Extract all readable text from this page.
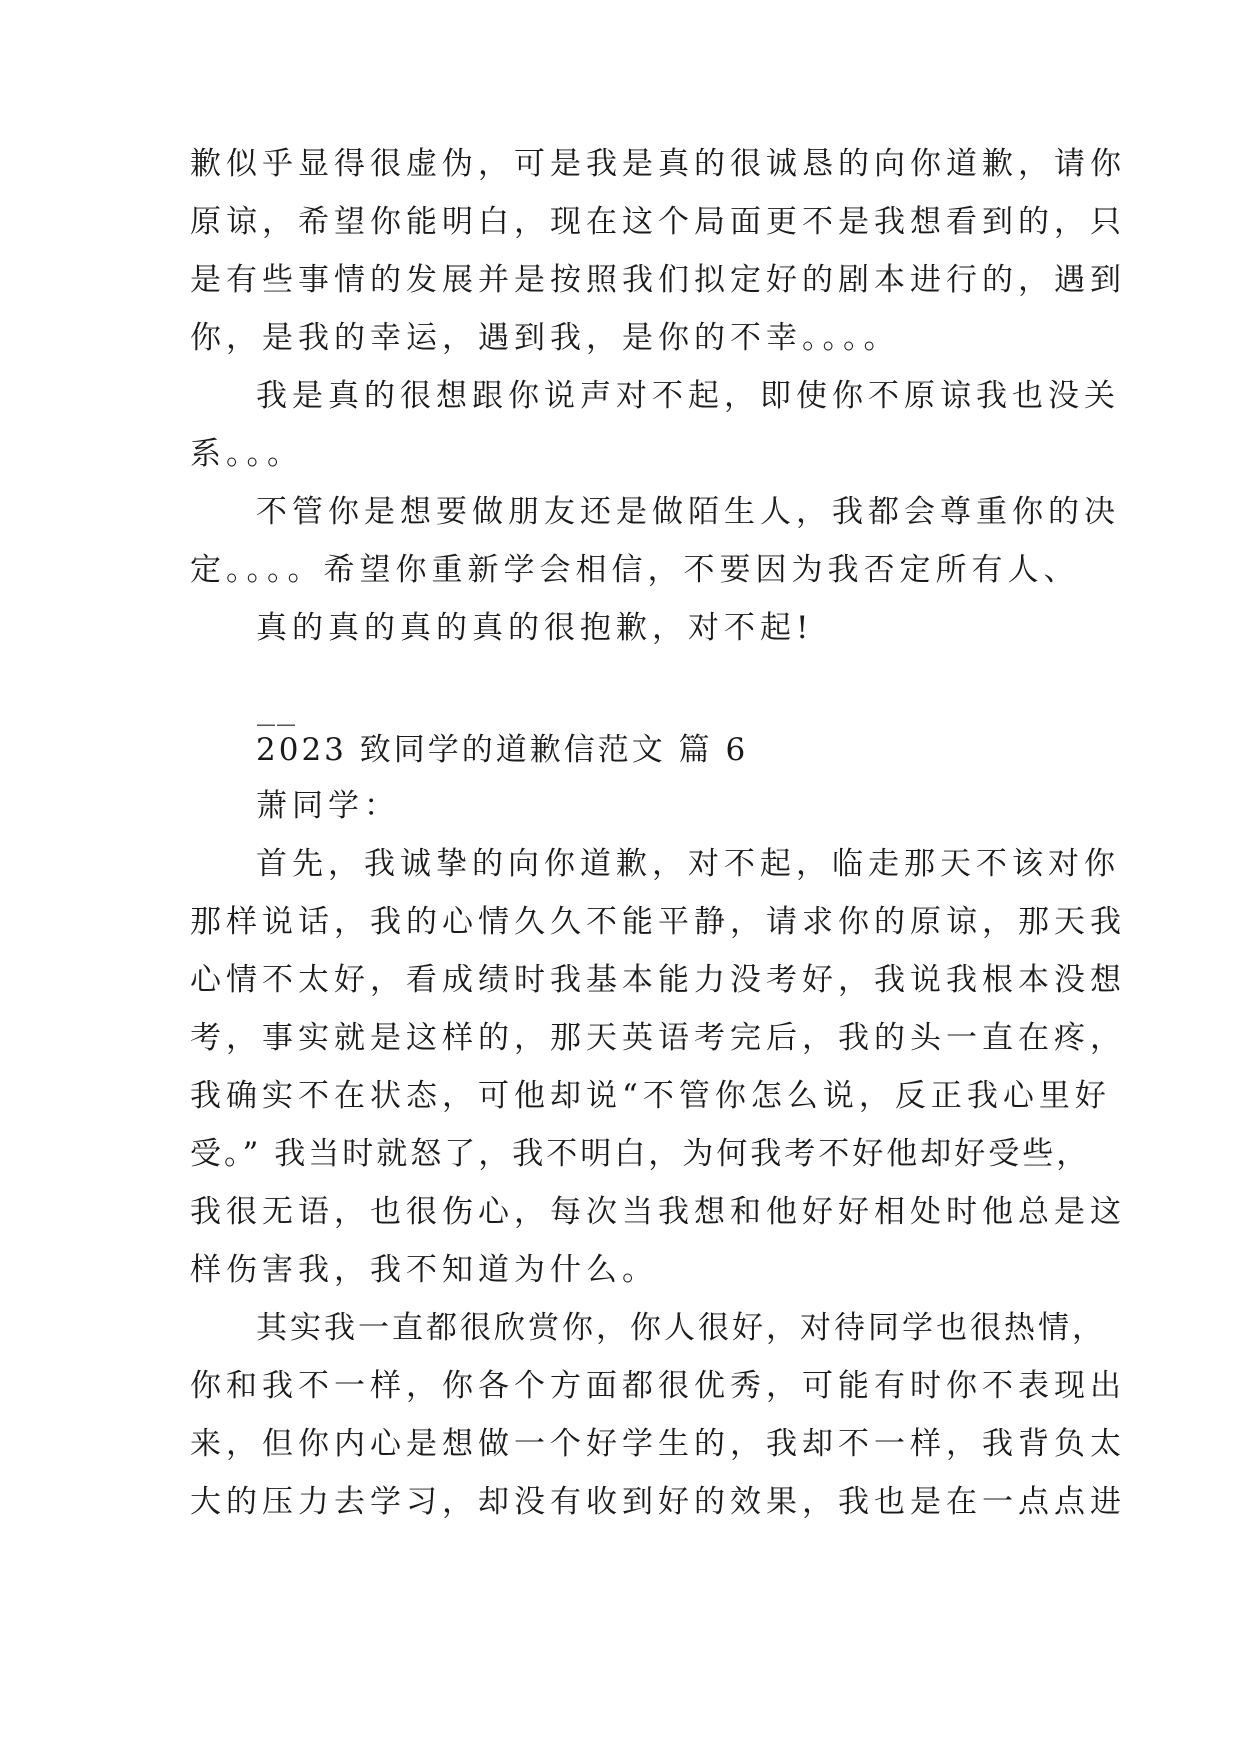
歉似乎显得很虚伪，可是我是真的很诚恳的向你道歉，请你
原谅，希望你能明白，现在这个局面更不是我想看到的，只
是有些事情的发展并是按照我们拟定好的剧本进行的，遇到
你，是我的幸运，遇到我，是你的不幸。。。。
我是真的很想跟你说声对不起，即使你不原谅我也没关
系。。。
不管你是想要做朋友还是做陌生人，我都会尊重你的决
定。。。。希望你重新学会相信，不要因为我否定所有人、
真的真的真的真的很抱歉，对不起!
——
2023 致同学的道歉信范文 篇 6
萧同学：
首先，我诚挚的向你道歉，对不起，临走那天不该对你
那样说话，我的心情久久不能平静，请求你的原谅，那天我
心情不太好，看成绩时我基本能力没考好，我说我根本没想
考，事实就是这样的，那天英语考完后，我的头一直在疼，
我确实不在状态，可他却说“不管你怎么说，反正我心里好
受。” 我当时就怒了，我不明白，为何我考不好他却好受些，
我很无语，也很伤心，每次当我想和他好好相处时他总是这
样伤害我，我不知道为什么。
其实我一直都很欣赏你，你人很好，对待同学也很热情，
你和我不一样，你各个方面都很优秀，可能有时你不表现出
来，但你内心是想做一个好学生的，我却不一样，我背负太
大的压力去学习，却没有收到好的效果，我也是在一点点进
